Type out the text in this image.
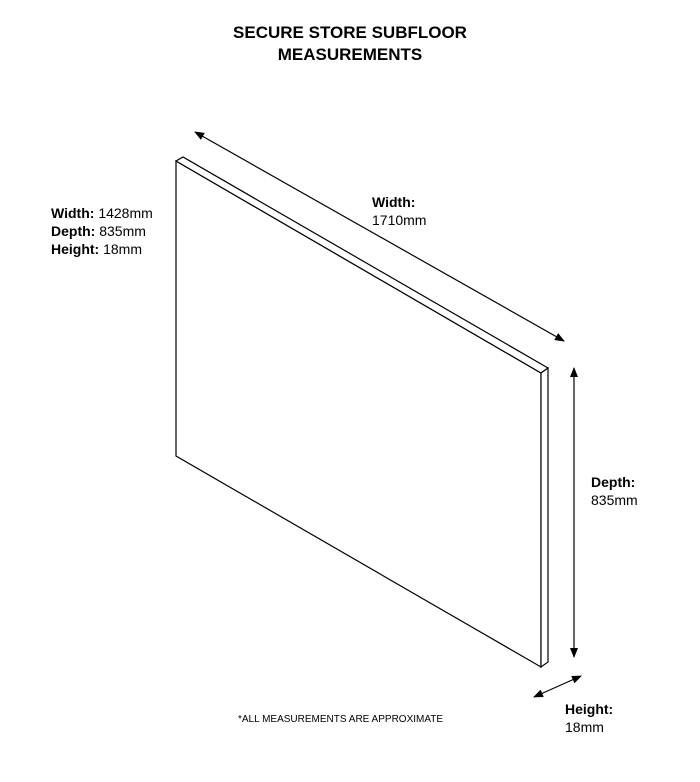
SECURE STORE SUBFLOOR
MEASUREMENTS
Width: 1428mm
Depth: 835mm
Height: 18mm
Width:
1710mm
Depth:
835mm
Height:
18mm
*ALL MEASUREMENTS ARE APPROXIMATE
